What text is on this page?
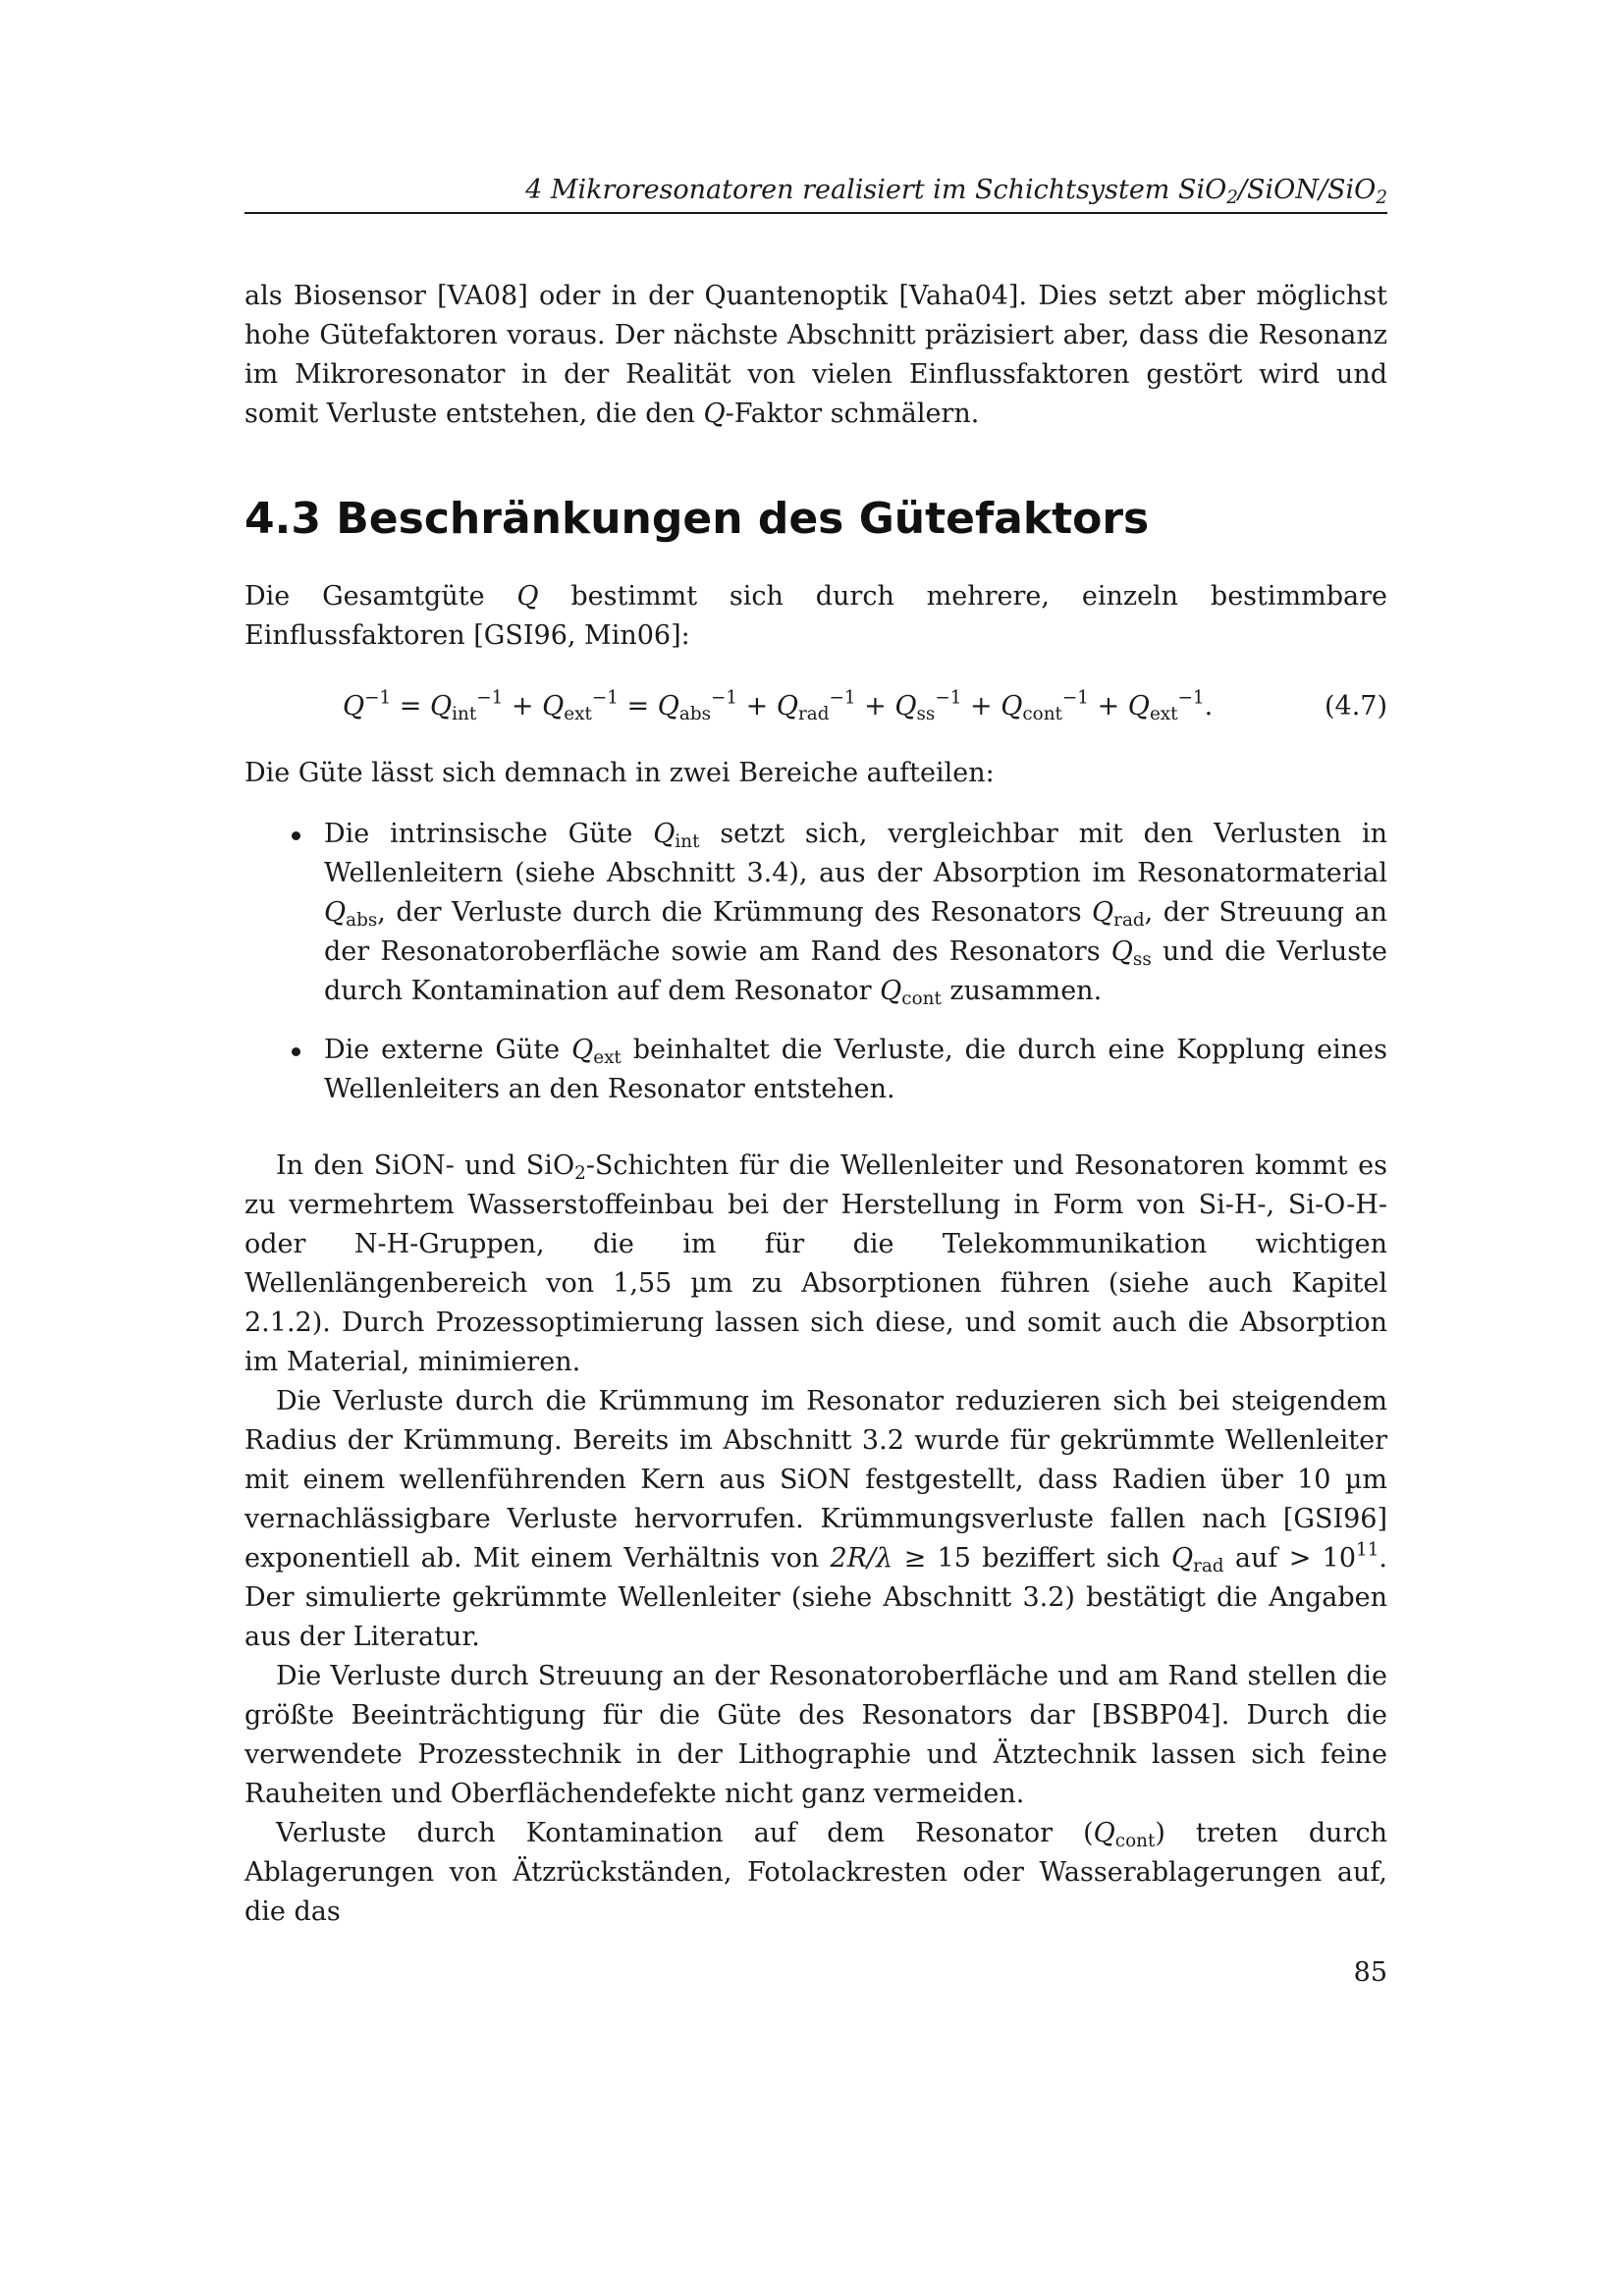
4 Mikroresonatoren realisiert im Schichtsystem SiO$_2$/SiON/SiO$_2$

als Biosensor [VA08] oder in der Quantenoptik [Vaha04]. Dies setzt aber möglichst hohe Gütefaktoren voraus. Der nächste Abschnitt präzisiert aber, dass die Resonanz im Mikroresonator in der Realität von vielen Einflussfaktoren gestört wird und somit Verluste entstehen, die den Q-Faktor schmälern.

4.3 Beschränkungen des Gütefaktors

Die Gesamtgüte Q bestimmt sich durch mehrere, einzeln bestimmbare Einflussfaktoren [GSI96, Min06]:

$Q^{-1} = Q_{int}^{-1} + Q_{ext}^{-1} = Q_{abs}^{-1} + Q_{rad}^{-1} + Q_{ss}^{-1} + Q_{cont}^{-1} + Q_{ext}^{-1}$.	(4.7)

Die Güte lässt sich demnach in zwei Bereiche aufteilen:

Die intrinsische Güte $Q_{int}$ setzt sich, vergleichbar mit den Verlusten in Wellenleitern (siehe Abschnitt 3.4), aus der Absorption im Resonatormaterial $Q_{abs}$, der Verluste durch die Krümmung des Resonators $Q_{rad}$, der Streuung an der Resonatoroberfläche sowie am Rand des Resonators $Q_{ss}$ und die Verluste durch Kontamination auf dem Resonator $Q_{cont}$ zusammen.

Die externe Güte $Q_{ext}$ beinhaltet die Verluste, die durch eine Kopplung eines Wellenleiters an den Resonator entstehen.

In den SiON- und SiO$_2$-Schichten für die Wellenleiter und Resonatoren kommt es zu vermehrtem Wasserstoffeinbau bei der Herstellung in Form von Si-H-, Si-O-H- oder N-H-Gruppen, die im für die Telekommunikation wichtigen Wellenlängenbereich von 1,55 µm zu Absorptionen führen (siehe auch Kapitel 2.1.2). Durch Prozessoptimierung lassen sich diese, und somit auch die Absorption im Material, minimieren.

Die Verluste durch die Krümmung im Resonator reduzieren sich bei steigendem Radius der Krümmung. Bereits im Abschnitt 3.2 wurde für gekrümmte Wellenleiter mit einem wellenführenden Kern aus SiON festgestellt, dass Radien über 10 µm vernachlässigbare Verluste hervorrufen. Krümmungsverluste fallen nach [GSI96] exponentiell ab. Mit einem Verhältnis von 2R/λ ≥ 15 beziffert sich $Q_{rad}$ auf > $10^{11}$. Der simulierte gekrümmte Wellenleiter (siehe Abschnitt 3.2) bestätigt die Angaben aus der Literatur.

Die Verluste durch Streuung an der Resonatoroberfläche und am Rand stellen die größte Beeinträchtigung für die Güte des Resonators dar [BSBP04]. Durch die verwendete Prozesstechnik in der Lithographie und Ätztechnik lassen sich feine Rauheiten und Oberflächendefekte nicht ganz vermeiden.

Verluste durch Kontamination auf dem Resonator $(Q_{cont})$ treten durch Ablagerungen von Ätzrückständen, Fotolackresten oder Wasserablagerungen auf, die das

85
